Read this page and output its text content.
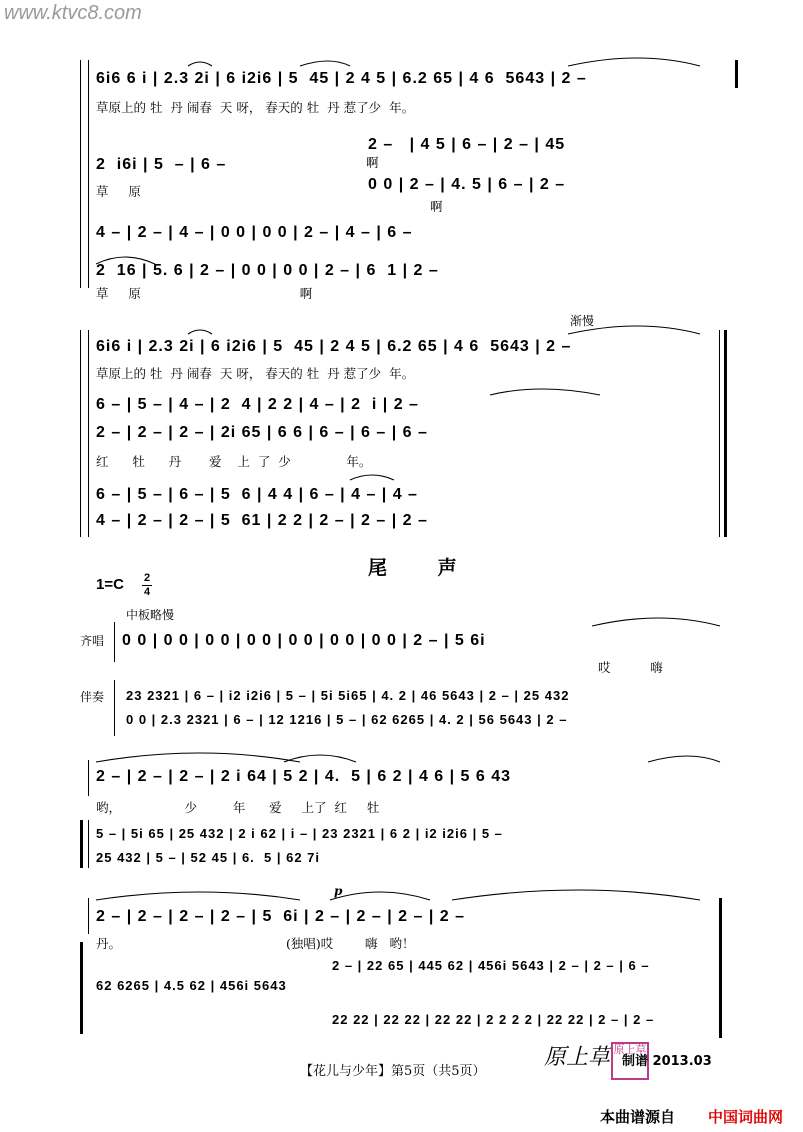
www.ktvc8.com
6i6 6 i | 2.3 2i | 6 i2i6 | 5  45 | 2 4 5 | 6.2 65 | 4 6  5643 | 2 –
草原上的 牡  丹 闹春  天 呀， 春天的 牡  丹 惹了少  年。
2  i6i | 5  – | 6 –
草     原
2 –   | 4 5 | 6 – | 2 – | 45
啊
0 0 | 2 – | 4. 5 | 6 – | 2 –
啊
4 – | 2 – | 4 – | 0 0 | 0 0 | 2 – | 4 – | 6 –
2  16 | 5. 6 | 2 – | 0 0 | 0 0 | 2 – | 6  1 | 2 –
草     原                                        啊
渐慢
6i6 i | 2.3 2i | 6 i2i6 | 5  45 | 2 4 5 | 6.2 65 | 4 6  5643 | 2 –
草原上的 牡  丹 闹春  天 呀， 春天的 牡  丹 惹了少  年。
6 – | 5 – | 4 – | 2  4 | 2 2 | 4 – | 2  i | 2 –
2 – | 2 – | 2 – | 2i 65 | 6 6 | 6 – | 6 – | 6 –
红      牡      丹       爱    上  了  少              年。
6 – | 5 – | 6 – | 5  6 | 4 4 | 6 – | 4 – | 4 –
4 – | 2 – | 2 – | 5  61 | 2 2 | 2 – | 2 – | 2 –
尾 声
1=C 2
4
中板略慢
齐唱 0 0 | 0 0 | 0 0 | 0 0 | 0 0 | 0 0 | 0 0 | 2 – | 5 6i
哎          嗨
伴奏 23 2321 | 6 – | i2 i2i6 | 5 – | 5i 5i65 | 4. 2 | 46 5643 | 2 – | 25 432
0 0 | 2.3 2321 | 6 – | 12 1216 | 5 – | 62 6265 | 4. 2 | 56 5643 | 2 –
2 – | 2 – | 2 – | 2 i 64 | 5 2 | 4.  5 | 6 2 | 4 6 | 5 6 43
哟，                少         年      爱     上了  红     牡
5 – | 5i 65 | 25 432 | 2 i 62 | i – | 23 2321 | 6 2 | i2 i2i6 | 5 –
25 432 | 5 – | 52 45 | 6.  5 | 62 7i
p
2 – | 2 – | 2 – | 2 – | 5  6i | 2 – | 2 – | 2 – | 2 –
丹。	(独唱)哎        嗨   哟！
62 6265 | 4.5 62 | 456i 5643
2 – | 22 65 | 445 62 | 456i 5643 | 2 – | 2 – | 6 –
22 22 | 22 22 | 22 22 | 2 2 2 2 | 22 22 | 2 – | 2 –
【花儿与少年】第5页（共5页）
原上草 原上草
制谱 2013.03
本曲谱源自 中国词曲网
